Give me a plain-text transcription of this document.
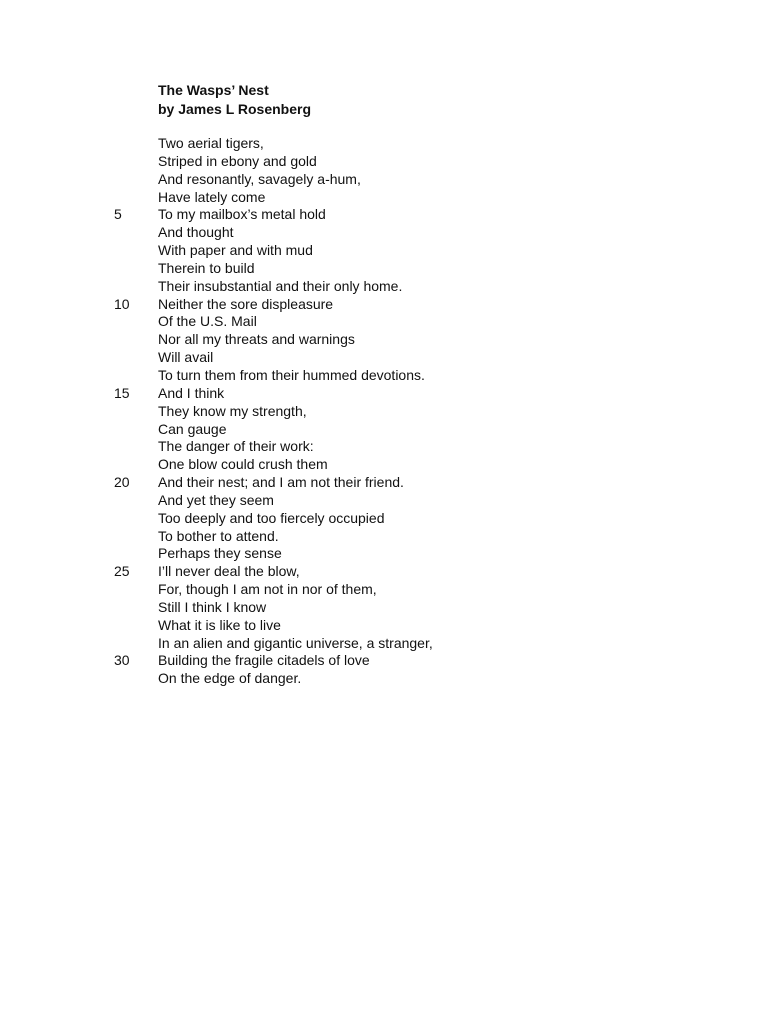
The Wasps’ Nest
by James L Rosenberg
Two aerial tigers,
Striped in ebony and gold
And resonantly, savagely a-hum,
Have lately come
5	To my mailbox’s metal hold
And thought
With paper and with mud
Therein to build
Their insubstantial and their only home.
10	Neither the sore displeasure
Of the U.S. Mail
Nor all my threats and warnings
Will avail
To turn them from their hummed devotions.
15	And I think
They know my strength,
Can gauge
The danger of their work:
One blow could crush them
20	And their nest; and I am not their friend.
And yet they seem
Too deeply and too fiercely occupied
To bother to attend.
Perhaps they sense
25	I’ll never deal the blow,
For, though I am not in nor of them,
Still I think I know
What it is like to live
In an alien and gigantic universe, a stranger,
30	Building the fragile citadels of love
On the edge of danger.
